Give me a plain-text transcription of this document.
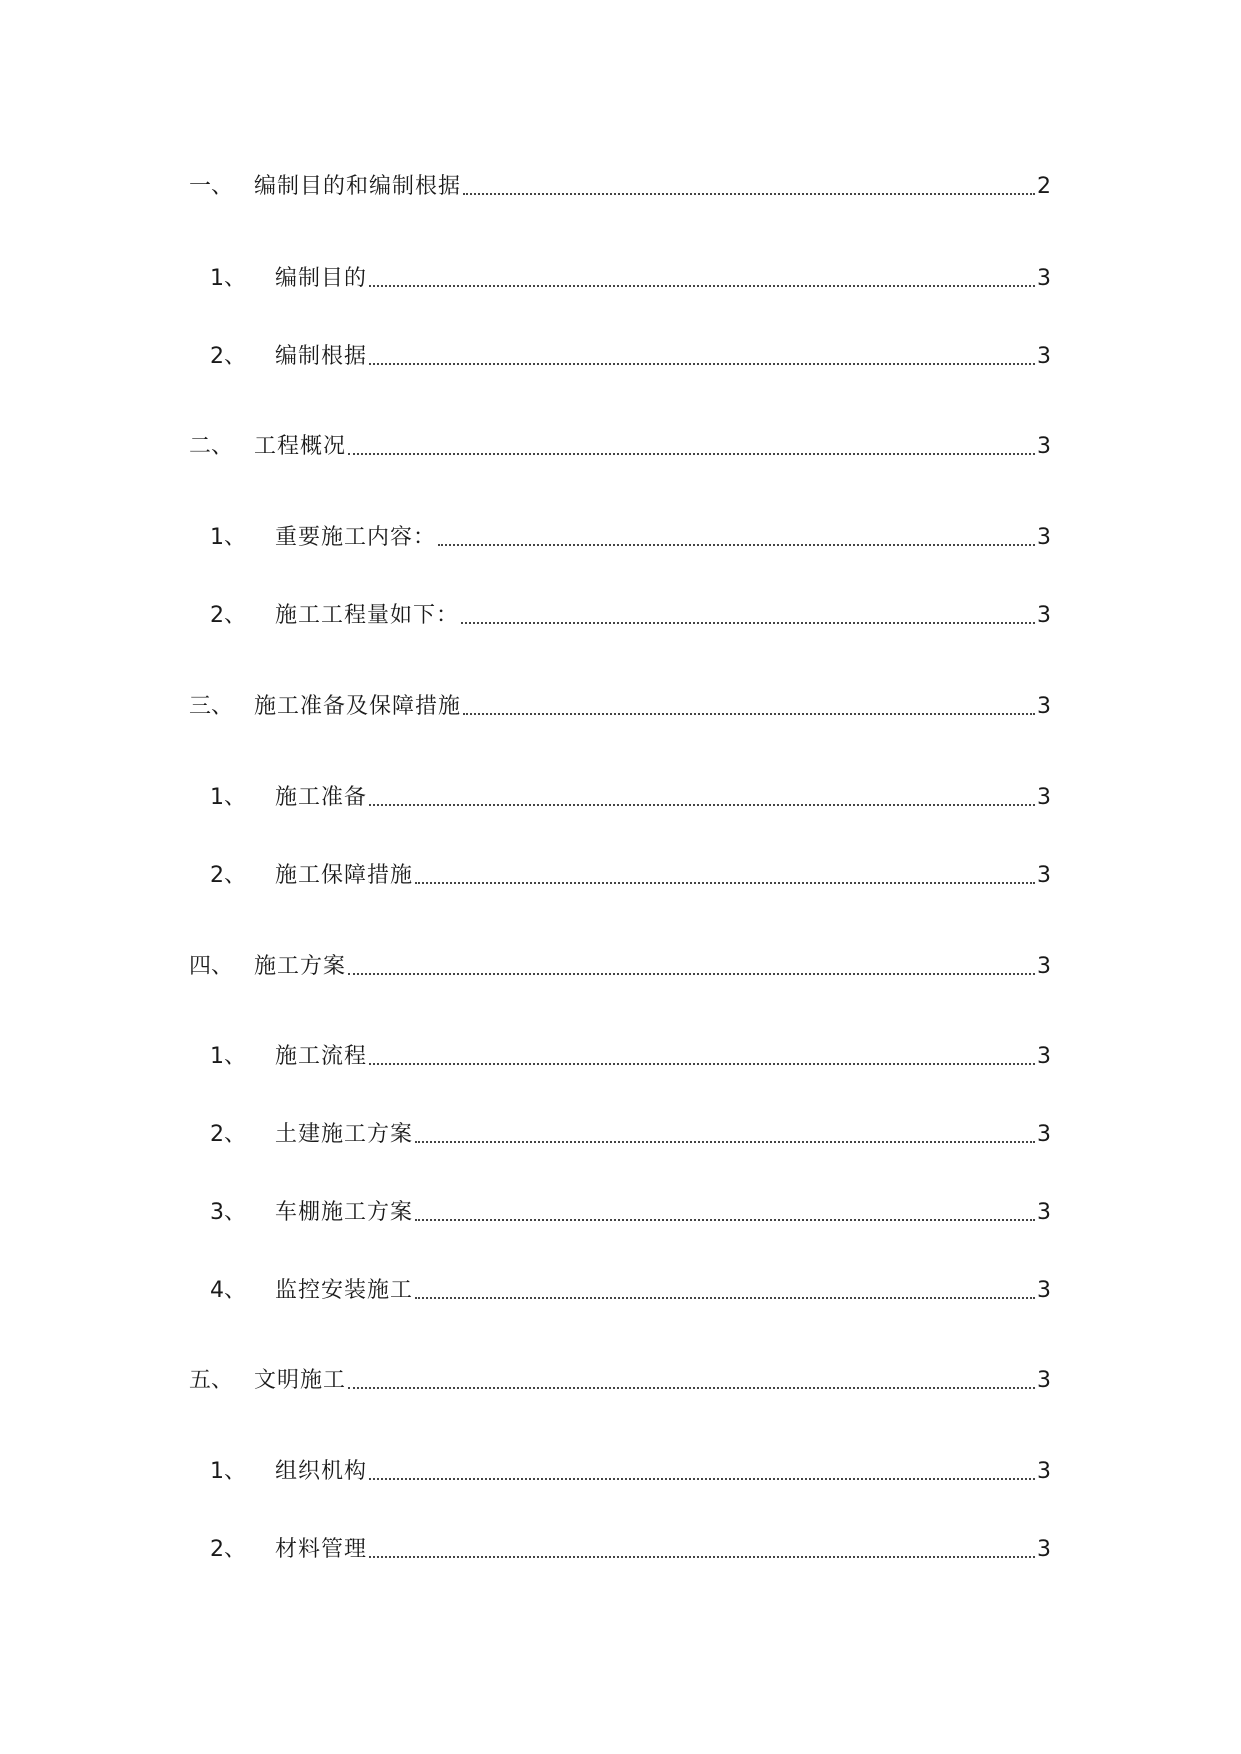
一、 编制目的和编制根据	2
1、	编制目的	3
2、	编制根据	3
二、 工程概况	3
1、	重要施工内容：	3
2、	施工工程量如下：	3
三、 施工准备及保障措施	3
1、	施工准备	3
2、	施工保障措施	3
四、 施工方案	3
1、	施工流程	3
2、	土建施工方案	3
3、	车棚施工方案	3
4、	监控安装施工	3
五、 文明施工	3
1、	组织机构	3
2、	材料管理	3
